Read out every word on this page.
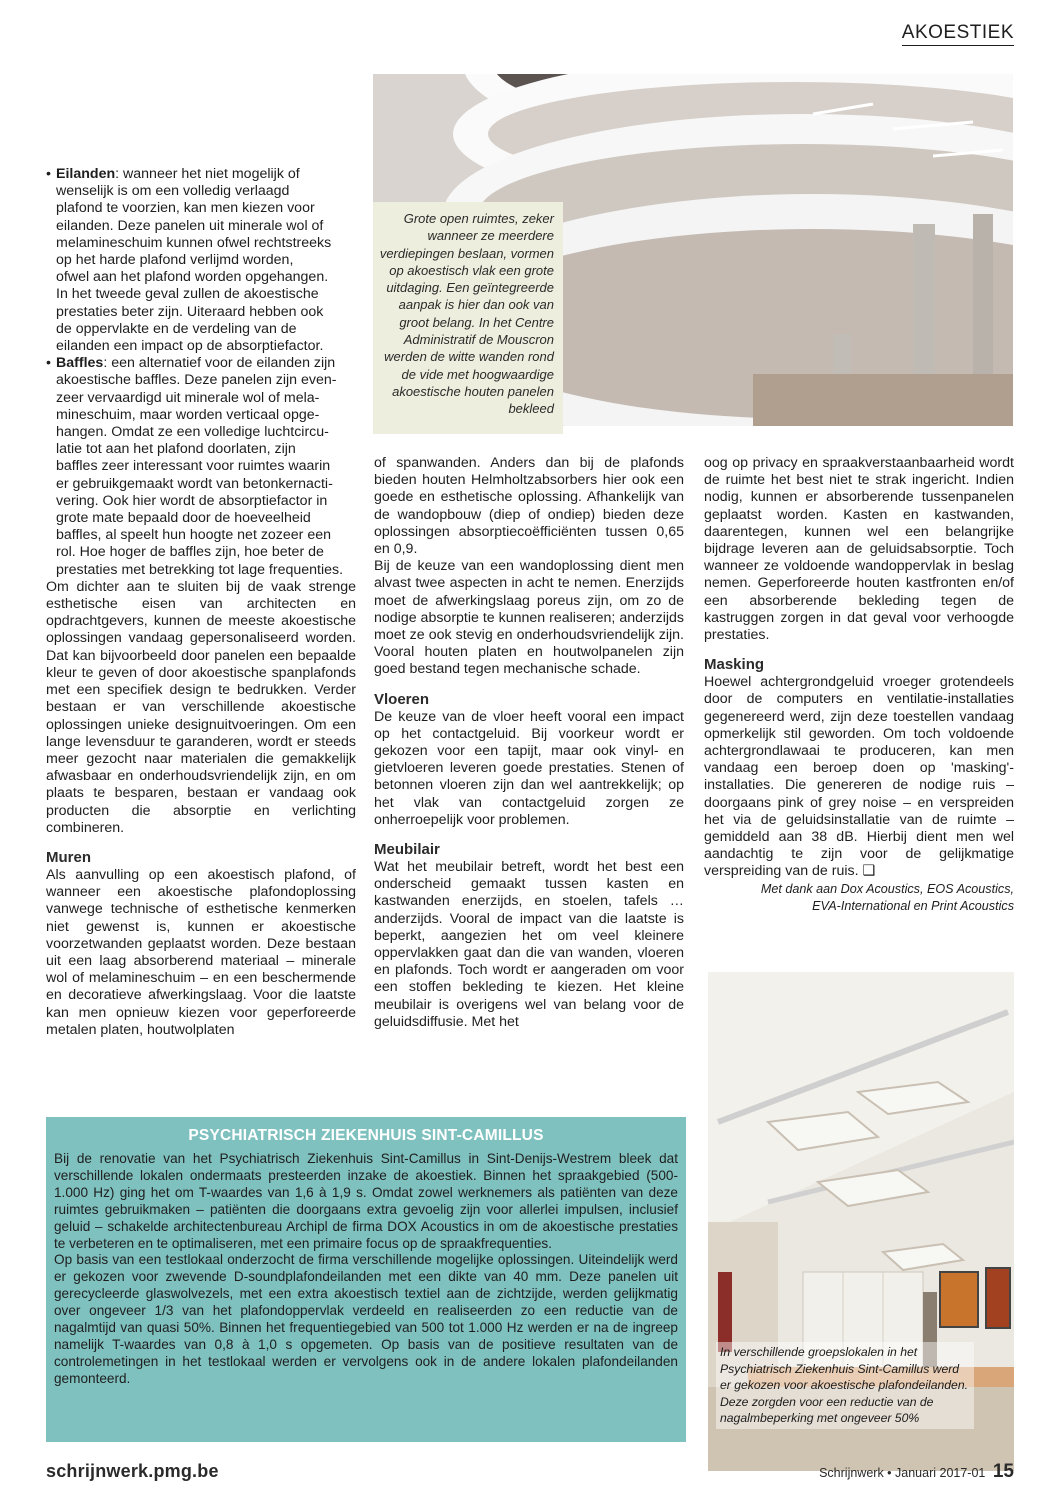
AKOESTIEK
Grote open ruimtes, zeker wanneer ze meerdere verdiepingen beslaan, vormen op akoestisch vlak een grote uitdaging. Een geïntegreerde aanpak is hier dan ook van groot belang. In het Centre Administratif de Mouscron werden de witte wanden rond de vide met hoogwaardige akoestische houten panelen bekleed
• Eilanden: wanneer het niet mogelijk of
wenselijk is om een volledig verlaagd
plafond te voorzien, kan men kiezen voor
eilanden. Deze panelen uit minerale wol of
melamineschuim kunnen ofwel rechtstreeks
op het harde plafond verlijmd worden,
ofwel aan het plafond worden opgehangen.
In het tweede geval zullen de akoestische
prestaties beter zijn. Uiteraard hebben ook
de oppervlakte en de verdeling van de
eilanden een impact op de absorptiefactor.
• Baffles: een alternatief voor de eilanden zijn
akoestische baffles. Deze panelen zijn even-
zeer vervaardigd uit minerale wol of mela-
mineschuim, maar worden verticaal opge-
hangen. Omdat ze een volledige luchtcircu-
latie tot aan het plafond doorlaten, zijn
baffles zeer interessant voor ruimtes waarin
er gebruikgemaakt wordt van betonkernacti-
vering. Ook hier wordt de absorptiefactor in
grote mate bepaald door de hoeveelheid
baffles, al speelt hun hoogte net zozeer een
rol. Hoe hoger de baffles zijn, hoe beter de
prestaties met betrekking tot lage frequenties.

Om dichter aan te sluiten bij de vaak strenge esthetische eisen van architecten en opdrachtgevers, kunnen de meeste akoestische oplossingen vandaag gepersonaliseerd worden. Dat kan bijvoorbeeld door panelen een bepaalde kleur te geven of door akoestische spanplafonds met een specifiek design te bedrukken. Verder bestaan er van verschillende akoestische oplossingen unieke designuitvoeringen. Om een lange levensduur te garanderen, wordt er steeds meer gezocht naar materialen die gemakkelijk afwasbaar en onderhoudsvriendelijk zijn, en om plaats te besparen, bestaan er vandaag ook producten die absorptie en verlichting combineren.

Muren

Als aanvulling op een akoestisch plafond, of wanneer een akoestische plafondoplossing vanwege technische of esthetische kenmerken niet gewenst is, kunnen er akoestische voorzetwanden geplaatst worden. Deze bestaan uit een laag absorberend materiaal – minerale wol of melamineschuim – en een beschermende en decoratieve afwerkingslaag. Voor die laatste kan men opnieuw kiezen voor geperforeerde metalen platen, houtwolplaten

of spanwanden. Anders dan bij de plafonds bieden houten Helmholtzabsorbers hier ook een goede en esthetische oplossing. Afhankelijk van de wandopbouw (diep of ondiep) bieden deze oplossingen absorptiecoëfficiënten tussen 0,65 en 0,9.

Bij de keuze van een wandoplossing dient men alvast twee aspecten in acht te nemen. Enerzijds moet de afwerkingslaag poreus zijn, om zo de nodige absorptie te kunnen realiseren; anderzijds moet ze ook stevig en onderhoudsvriendelijk zijn. Vooral houten platen en houtwolpanelen zijn goed bestand tegen mechanische schade.

Vloeren

De keuze van de vloer heeft vooral een impact op het contactgeluid. Bij voorkeur wordt er gekozen voor een tapijt, maar ook vinyl- en gietvloeren leveren goede prestaties. Stenen of betonnen vloeren zijn dan wel aantrekkelijk; op het vlak van contactgeluid zorgen ze onherroepelijk voor problemen.

Meubilair

Wat het meubilair betreft, wordt het best een onderscheid gemaakt tussen kasten en kastwanden enerzijds, en stoelen, tafels … anderzijds. Vooral de impact van die laatste is beperkt, aangezien het om veel kleinere oppervlakken gaat dan die van wanden, vloeren en plafonds. Toch wordt er aangeraden om voor een stoffen bekleding te kiezen. Het kleine meubilair is overigens wel van belang voor de geluidsdiffusie. Met het

oog op privacy en spraakverstaanbaarheid wordt de ruimte het best niet te strak ingericht. Indien nodig, kunnen er absorberende tussenpanelen geplaatst worden. Kasten en kastwanden, daarentegen, kunnen wel een belangrijke bijdrage leveren aan de geluidsabsorptie. Toch wanneer ze voldoende wandoppervlak in beslag nemen. Geperforeerde houten kastfronten en/of een absorberende bekleding tegen de kastruggen zorgen in dat geval voor verhoogde prestaties.

Masking

Hoewel achtergrondgeluid vroeger grotendeels door de computers en ventilatie-installaties gegenereerd werd, zijn deze toestellen vandaag opmerkelijk stil geworden. Om toch voldoende achtergrondlawaai te produceren, kan men vandaag een beroep doen op 'masking'-installaties. Die genereren de nodige ruis – doorgaans pink of grey noise – en verspreiden het via de geluidsinstallatie van de ruimte – gemiddeld aan 38 dB. Hierbij dient men wel aandachtig te zijn voor de gelijkmatige verspreiding van de ruis. ❑

Met dank aan Dox Acoustics, EOS Acoustics,
EVA-International en Print Acoustics
In verschillende groepslokalen in het Psychiatrisch Ziekenhuis Sint-Camillus werd er gekozen voor akoestische plafondeilanden. Deze zorgden voor een reductie van de nagalmbeperking met ongeveer 50%
PSYCHIATRISCH ZIEKENHUIS SINT-CAMILLUS

Bij de renovatie van het Psychiatrisch Ziekenhuis Sint-Camillus in Sint-Denijs-Westrem bleek dat verschillende lokalen ondermaats presteerden inzake de akoestiek. Binnen het spraakgebied (500-1.000 Hz) ging het om T-waardes van 1,6 à 1,9 s. Omdat zowel werknemers als patiënten van deze ruimtes gebruikmaken – patiënten die doorgaans extra gevoelig zijn voor allerlei impulsen, inclusief geluid – schakelde architectenbureau Archipl de firma DOX Acoustics in om de akoestische prestaties te verbeteren en te optimaliseren, met een primaire focus op de spraakfrequenties.

Op basis van een testlokaal onderzocht de firma verschillende mogelijke oplossingen. Uiteindelijk werd er gekozen voor zwevende D-soundplafondeilanden met een dikte van 40 mm. Deze panelen uit gerecycleerde glaswolvezels, met een extra akoestisch textiel aan de zichtzijde, werden gelijkmatig over ongeveer 1/3 van het plafondoppervlak verdeeld en realiseerden zo een reductie van de nagalmtijd van quasi 50%. Binnen het frequentiegebied van 500 tot 1.000 Hz werden er na de ingreep namelijk T-waardes van 0,8 à 1,0 s opgemeten. Op basis van de positieve resultaten van de controlemetingen in het testlokaal werden er vervolgens ook in de andere lokalen plafondeilanden gemonteerd.

schrijnwerk.pmg.be	Schrijnwerk • Januari 2017-01 15
